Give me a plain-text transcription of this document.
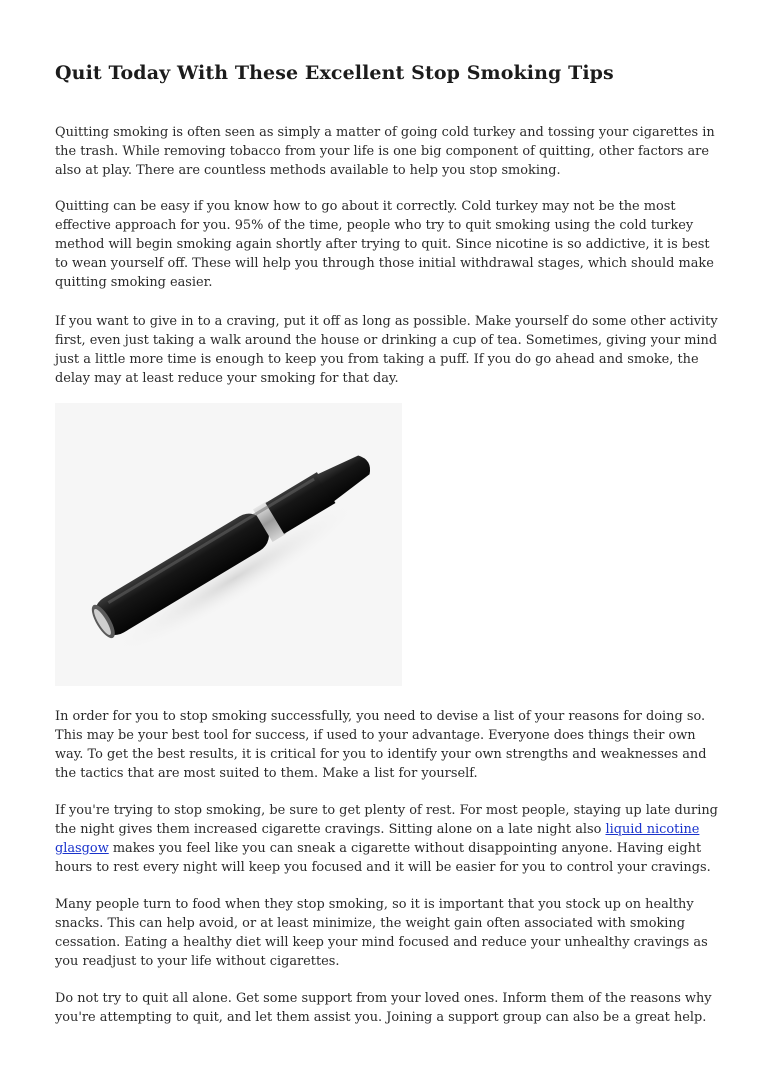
Quit Today With These Excellent Stop Smoking Tips

Quitting smoking is often seen as simply a matter of going cold turkey and tossing your cigarettes in the trash. While removing tobacco from your life is one big component of quitting, other factors are also at play. There are countless methods available to help you stop smoking.

Quitting can be easy if you know how to go about it correctly. Cold turkey may not be the most effective approach for you. 95% of the time, people who try to quit smoking using the cold turkey method will begin smoking again shortly after trying to quit. Since nicotine is so addictive, it is best to wean yourself off. These will help you through those initial withdrawal stages, which should make quitting smoking easier.

If you want to give in to a craving, put it off as long as possible. Make yourself do some other activity first, even just taking a walk around the house or drinking a cup of tea. Sometimes, giving your mind just a little more time is enough to keep you from taking a puff. If you do go ahead and smoke, the delay may at least reduce your smoking for that day.

In order for you to stop smoking successfully, you need to devise a list of your reasons for doing so. This may be your best tool for success, if used to your advantage. Everyone does things their own way. To get the best results, it is critical for you to identify your own strengths and weaknesses and the tactics that are most suited to them. Make a list for yourself.

If you're trying to stop smoking, be sure to get plenty of rest. For most people, staying up late during the night gives them increased cigarette cravings. Sitting alone on a late night also liquid nicotine glasgow makes you feel like you can sneak a cigarette without disappointing anyone. Having eight hours to rest every night will keep you focused and it will be easier for you to control your cravings.

Many people turn to food when they stop smoking, so it is important that you stock up on healthy snacks. This can help avoid, or at least minimize, the weight gain often associated with smoking cessation. Eating a healthy diet will keep your mind focused and reduce your unhealthy cravings as you readjust to your life without cigarettes.

Do not try to quit all alone. Get some support from your loved ones. Inform them of the reasons why you're attempting to quit, and let them assist you. Joining a support group can also be a great help.
